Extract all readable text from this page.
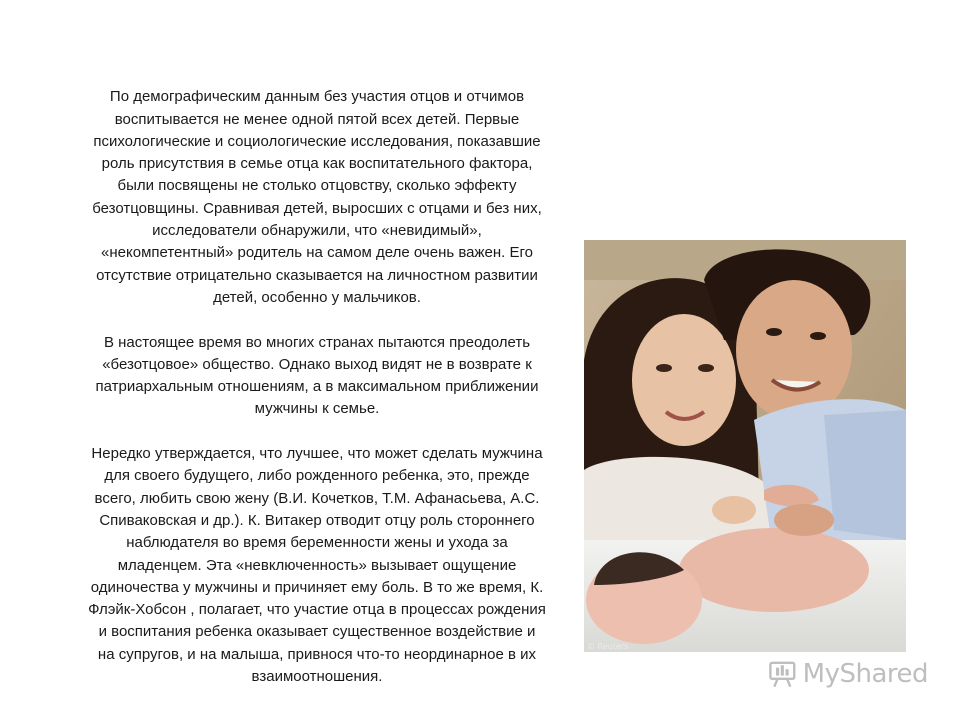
По демографическим данным без участия отцов и отчимов
воспитывается не менее одной пятой всех детей. Первые
психологические и социологические исследования, показавшие
роль присутствия в семье отца как воспитательного фактора,
были посвящены не столько отцовству, сколько эффекту
безотцовщины. Сравнивая детей, выросших с отцами и без них,
исследователи обнаружили, что «невидимый»,
«некомпетентный» родитель на самом деле очень важен. Его
отсутствие отрицательно сказывается на личностном развитии
детей, особенно у мальчиков.

В настоящее время во многих странах пытаются преодолеть
«безотцовое» общество. Однако выход видят не в возврате к
патриархальным отношениям, а в максимальном приближении
мужчины к семье.

Нередко утверждается, что лучшее, что может сделать мужчина
для своего будущего, либо рожденного ребенка, это, прежде
всего, любить свою жену (В.И. Кочетков, Т.М. Афанасьева, А.С.
Спиваковская и др.). К. Витакер отводит отцу роль стороннего
наблюдателя во время беременности жены и ухода за
младенцем. Эта «невключенность» вызывает ощущение
одиночества у мужчины и причиняет ему боль. В то же время, К.
Флэйк-Хобсон , полагает, что участие отца в процессах рождения
и воспитания ребенка оказывает существенное воздействие и
на супругов, и на малыша, привнося что-то неординарное в их
взаимоотношения.

© Reuters
MyShared
